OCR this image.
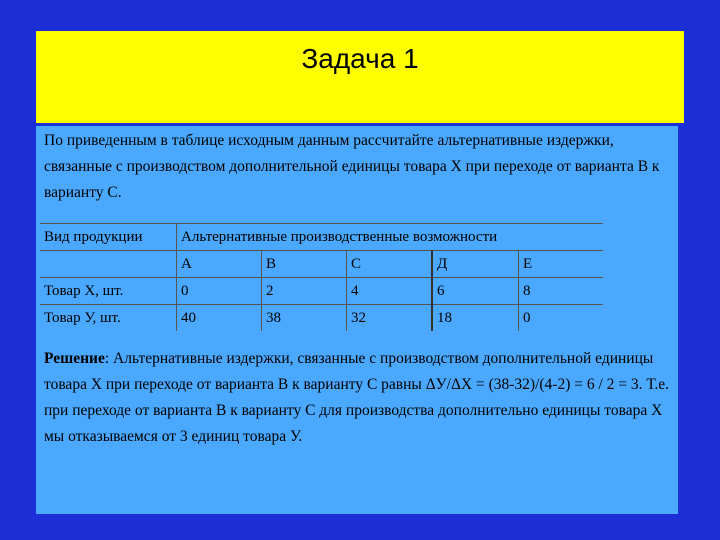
Задача 1
По приведенным в таблице исходным данным расcчитайте альтернативные издержки, связанные с производством дополнительной единицы товара Х при переходе от варианта В к варианту С.
Вид продукции	Альтернативные производственные возможности				
	А	В	С	Д	Е
Товар Х, шт.	0	2	4	6	8
Товар У, шт.	40	38	32	18	0
Решение: Альтернативные издержки, связанные с производством дополнительной единицы товара Х при переходе от варианта В к варианту С равны ΔУ/ΔХ = (38-32)/(4-2) = 6 / 2 = 3. Т.е. при переходе от варианта В к варианту С для производства дополнительно единицы товара Х мы отказываемся от 3 единиц товара У.
